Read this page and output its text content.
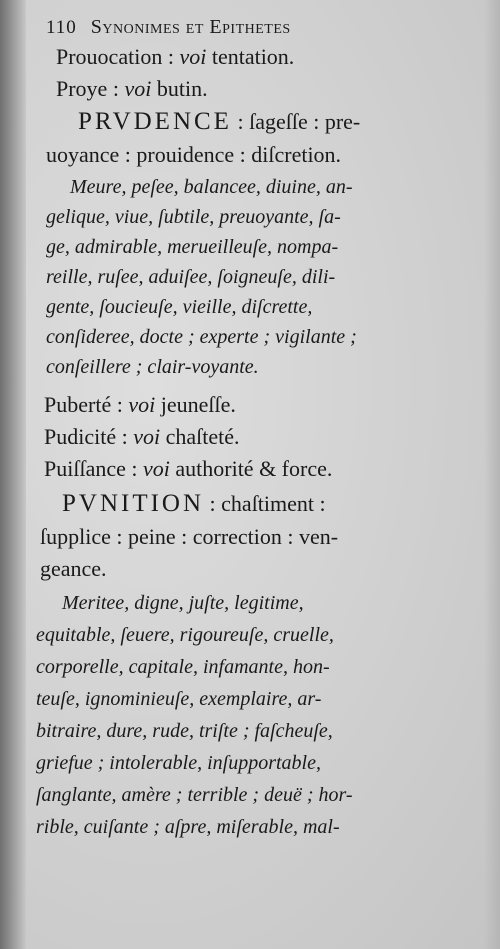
110 Synonimes et Epithetes
Prouocation : voi tentation.
Proye : voi butin.
PRVDENCE : ſageſſe : pre-
uoyance : prouidence : diſcretion.
Meure, peſee, balancee, diuine, an-
gelique, viue, ſubtile, preuoyante, ſa-
ge, admirable, merueilleuſe, nompa-
reille, ruſee, aduiſee, ſoigneuſe, dili-
gente, ſoucieuſe, vieille, diſcrette,
conſideree, docte ; experte ; vigilante ;
conſeillere ; clair-voyante.
Puberté : voi jeuneſſe.
Pudicité : voi chaſteté.
Puiſſance : voi authorité & force.
PVNITION : chaſtiment :
ſupplice : peine : correction : ven-
geance.
Meritee, digne, juſte, legitime,
equitable, ſeuere, rigoureuſe, cruelle,
corporelle, capitale, infamante, hon-
teuſe, ignominieuſe, exemplaire, ar-
bitraire, dure, rude, triſte ; faſcheuſe,
griefue ; intolerable, inſupportable,
ſanglante, amère ; terrible ; deuë ; hor-
rible, cuiſante ; aſpre, miſerable, mal-
